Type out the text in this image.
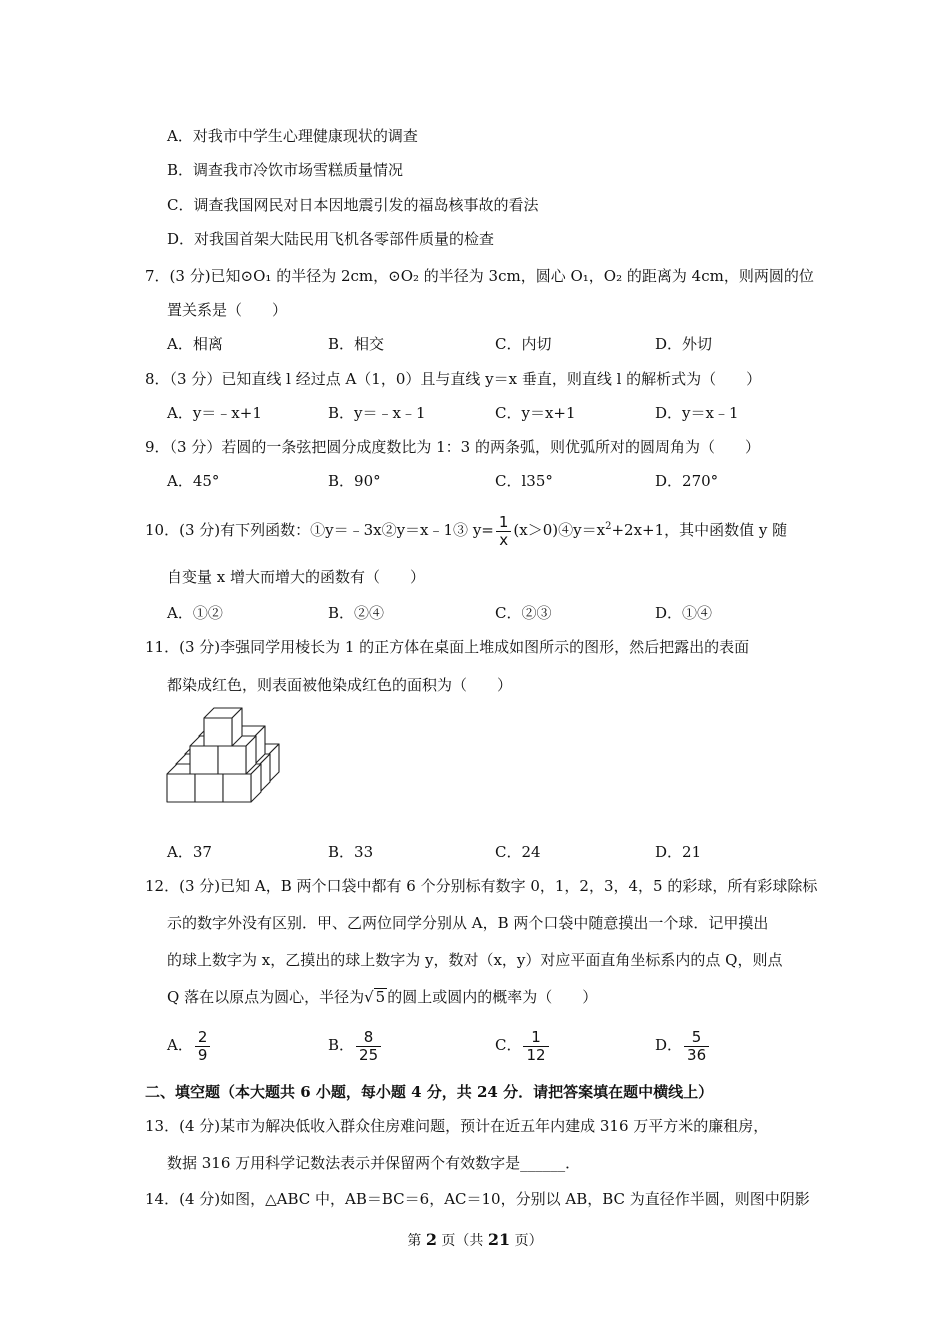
A．对我市中学生心理健康现状的调查
B．调查我市冷饮市场雪糕质量情况
C．调查我国网民对日本因地震引发的福岛核事故的看法
D．对我国首架大陆民用飞机各零部件质量的检查
7．(3 分)已知⊙O₁ 的半径为 2cm，⊙O₂ 的半径为 3cm，圆心 O₁，O₂ 的距离为 4cm，则两圆的位
置关系是（　　）
A．相离	B．相交	C．内切	D．外切
8．（3 分）已知直线 l 经过点 A（1，0）且与直线 y＝x 垂直，则直线 l 的解析式为（　　）
A．y＝﹣x+1	B．y＝﹣x﹣1	C．y＝x+1	D．y＝x﹣1
9．（3 分）若圆的一条弦把圆分成度数比为 1：3 的两条弧，则优弧所对的圆周角为（　　）
A．45°	B．90°	C．l35°	D．270°
10．(3 分)有下列函数：①y＝﹣3x②y＝x﹣1③ $y= \frac{1}{x}$ $(x>0)④y=x^2+2x+1$，其中函数值 y 随
自变量 x 增大而增大的函数有（　　）
A．①②	B．②④	C．②③	D．①④
11．(3 分)李强同学用棱长为 1 的正方体在桌面上堆成如图所示的图形，然后把露出的表面
都染成红色，则表面被他染成红色的面积为（　　）
A．37	B．33	C．24	D．21
12．(3 分)已知 A，B 两个口袋中都有 6 个分别标有数字 0，1，2，3，4，5 的彩球，所有彩球除标
示的数字外没有区别．甲、乙两位同学分别从 A，B 两个口袋中随意摸出一个球．记甲摸出
的球上数字为 x，乙摸出的球上数字为 y，数对（x，y）对应平面直角坐标系内的点 Q，则点
Q 落在以原点为圆心，半径为√ 5 的圆上或圆内的概率为（　　）
A． $\frac{2}{9}$	B． $\frac{8}{25}$	C． $\frac{1}{12}$	D． $\frac{5}{36}$
二、填空题（本大题共 6 小题，每小题 4 分，共 24 分．请把答案填在题中横线上）
13．(4 分)某市为解决低收入群众住房难问题，预计在近五年内建成 316 万平方米的廉租房，
数据 316 万用科学记数法表示并保留两个有效数字是______．
14．(4 分)如图，△ABC 中，AB＝BC＝6，AC＝10，分别以 AB，BC 为直径作半圆，则图中阴影
第 2 页（共 21 页）
